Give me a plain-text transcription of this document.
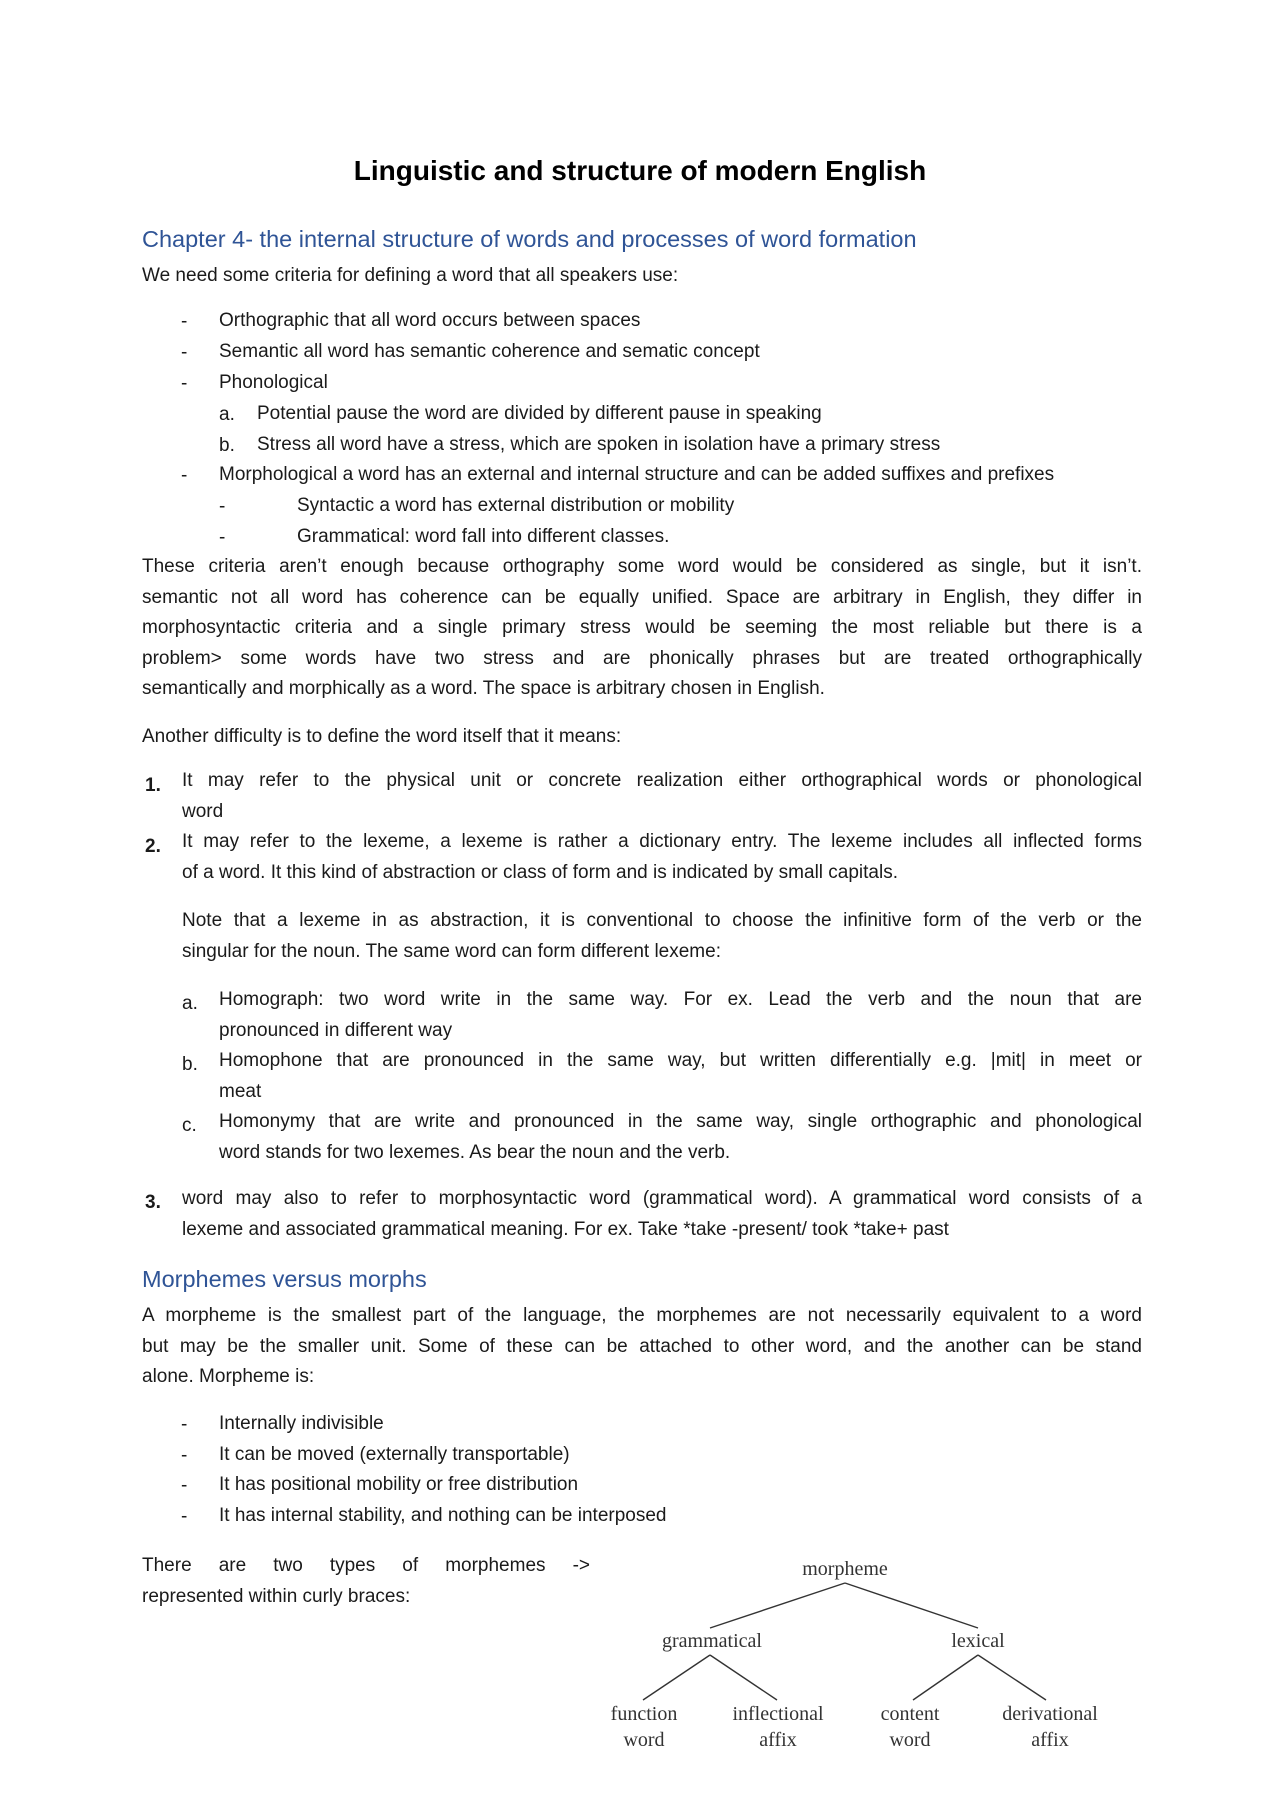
Linguistic and structure of modern English
Chapter 4- the internal structure of words and processes of word formation
We need some criteria for defining a word that all speakers use:
- Orthographic that all word occurs between spaces
- Semantic all word has semantic coherence and sematic concept
- Phonological
a. Potential pause the word are divided by different pause in speaking
b. Stress all word have a stress, which are spoken in isolation have a primary stress
- Morphological a word has an external and internal structure and can be added suffixes and prefixes
-	Syntactic a word has external distribution or mobility
-	Grammatical: word fall into different classes.
These criteria aren’t enough because orthography some word would be considered as single, but it isn’t.
semantic not all word has coherence can be equally unified. Space are arbitrary in English, they differ in
morphosyntactic criteria and a single primary stress would be seeming the most reliable but there is a
problem> some words have two stress and are phonically phrases but are treated orthographically
semantically and morphically as a word. The space is arbitrary chosen in English.
Another difficulty is to define the word itself that it means:
1. It may refer to the physical unit or concrete realization either orthographical words or phonological
word
2. It may refer to the lexeme, a lexeme is rather a dictionary entry. The lexeme includes all inflected forms
of a word. It this kind of abstraction or class of form and is indicated by small capitals.
Note that a lexeme in as abstraction, it is conventional to choose the infinitive form of the verb or the
singular for the noun. The same word can form different lexeme:
a. Homograph: two word write in the same way. For ex. Lead the verb and the noun that are
pronounced in different way
b. Homophone that are pronounced in the same way, but written differentially e.g. |mit| in meet or
meat
c. Homonymy that are write and pronounced in the same way, single orthographic and phonological
word stands for two lexemes. As bear the noun and the verb.
3. word may also to refer to morphosyntactic word (grammatical word). A grammatical word consists of a
lexeme and associated grammatical meaning. For ex. Take *take -present/ took *take+ past
Morphemes versus morphs
A morpheme is the smallest part of the language, the morphemes are not necessarily equivalent to a word
but may be the smaller unit. Some of these can be attached to other word, and the another can be stand
alone. Morpheme is:
- Internally indivisible
- It can be moved (externally transportable)
- It has positional mobility or free distribution
- It has internal stability, and nothing can be interposed
There are two types of morphemes ->
represented within curly braces:
morpheme
grammatical	lexical
function
word
inflectional
affix
content
word
derivational
affix
